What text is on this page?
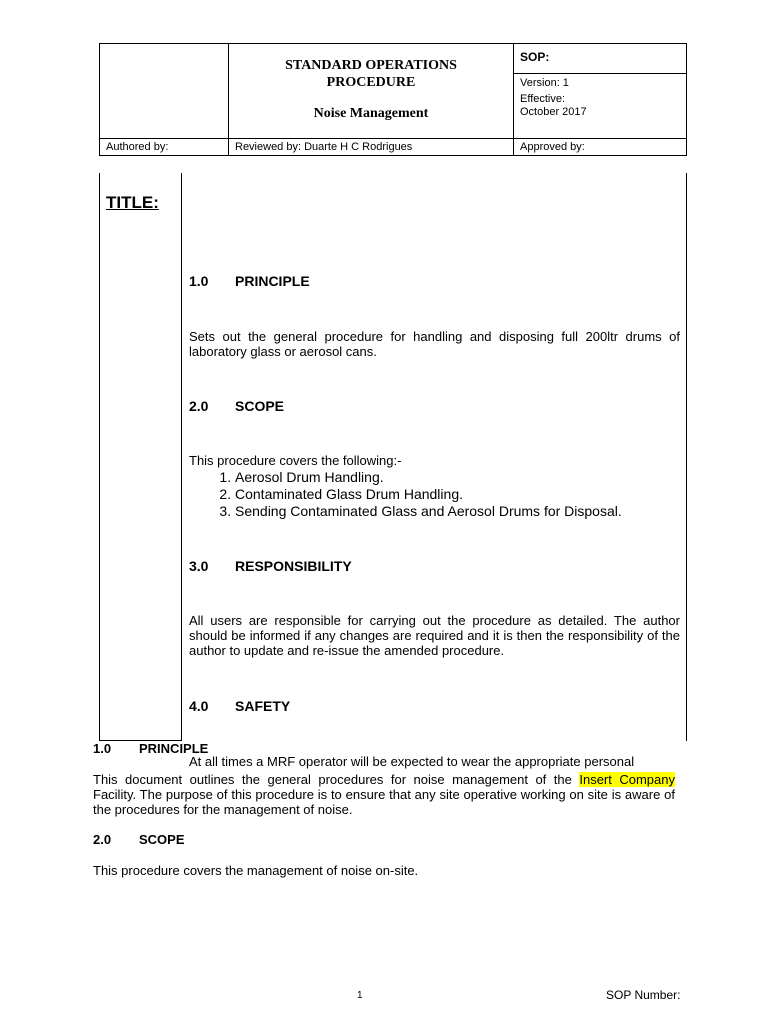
STANDARD OPERATIONS
PROCEDURE
Noise Management
SOP:
Version: 1
Effective:
October 2017
Authored by:	Reviewed by: Duarte H C Rodrigues	Approved by:
TITLE:
1.0 PRINCIPLE
Sets out the general procedure for handling and disposing full 200ltr drums of laboratory glass or aerosol cans.
2.0 SCOPE
This procedure covers the following:-
1. Aerosol Drum Handling.
2. Contaminated Glass Drum Handling.
3. Sending Contaminated Glass and Aerosol Drums for Disposal.
3.0 RESPONSIBILITY
All users are responsible for carrying out the procedure as detailed. The author should be informed if any changes are required and it is then the responsibility of the author to update and re-issue the amended procedure.
4.0 SAFETY
At all times a MRF operator will be expected to wear the appropriate personal
1.0 PRINCIPLE
This document outlines the general procedures for noise management of the Insert Company Facility. The purpose of this procedure is to ensure that any site operative working on site is aware of the procedures for the management of noise.
2.0 SCOPE
This procedure covers the management of noise on-site.
1	SOP Number:
